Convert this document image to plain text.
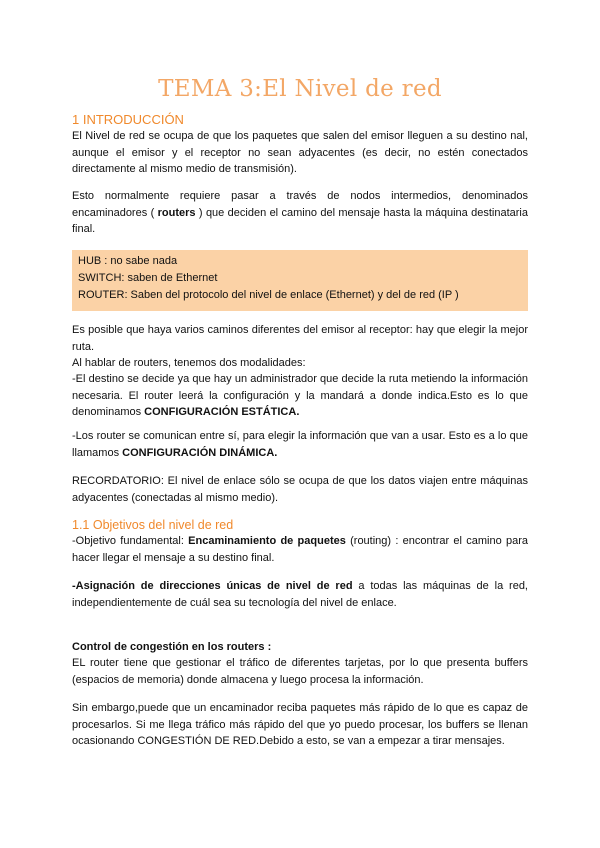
TEMA 3:El Nivel de red
1 INTRODUCCIÓN

El Nivel de red se ocupa de que los paquetes que salen del emisor lleguen a su destino nal, aunque el emisor y el receptor no sean adyacentes (es decir, no estén conectados directamente al mismo medio de transmisión).

Esto normalmente requiere pasar a través de nodos intermedios, denominados encaminadores ( routers ) que deciden el camino del mensaje hasta la máquina destinataria final.

HUB : no sabe nada
SWITCH: saben de Ethernet
ROUTER: Saben del protocolo del nivel de enlace (Ethernet) y del de red (IP )

Es posible que haya varios caminos diferentes del emisor al receptor: hay que elegir la mejor ruta.

Al hablar de routers, tenemos dos modalidades:

-El destino se decide ya que hay un administrador que decide la ruta metiendo la información necesaria. El router leerá la configuración y la mandará a donde indica.Esto es lo que denominamos CONFIGURACIÓN ESTÁTICA.

-Los router se comunican entre sí, para elegir la información que van a usar. Esto es a lo que llamamos CONFIGURACIÓN DINÁMICA.

RECORDATORIO: El nivel de enlace sólo se ocupa de que los datos viajen entre máquinas adyacentes (conectadas al mismo medio).

1.1 Objetivos del nivel de red

-Objetivo fundamental: Encaminamiento de paquetes (routing) : encontrar el camino para hacer llegar el mensaje a su destino final.

-Asignación de direcciones únicas de nivel de red a todas las máquinas de la red, independientemente de cuál sea su tecnología del nivel de enlace.

Control de congestión en los routers :

EL router tiene que gestionar el tráfico de diferentes tarjetas, por lo que presenta buffers (espacios de memoria) donde almacena y luego procesa la información.

Sin embargo,puede que un encaminador reciba paquetes más rápido de lo que es capaz de procesarlos. Si me llega tráfico más rápido del que yo puedo procesar, los buffers se llenan ocasionando CONGESTIÓN DE RED.Debido a esto, se van a empezar a tirar mensajes.
